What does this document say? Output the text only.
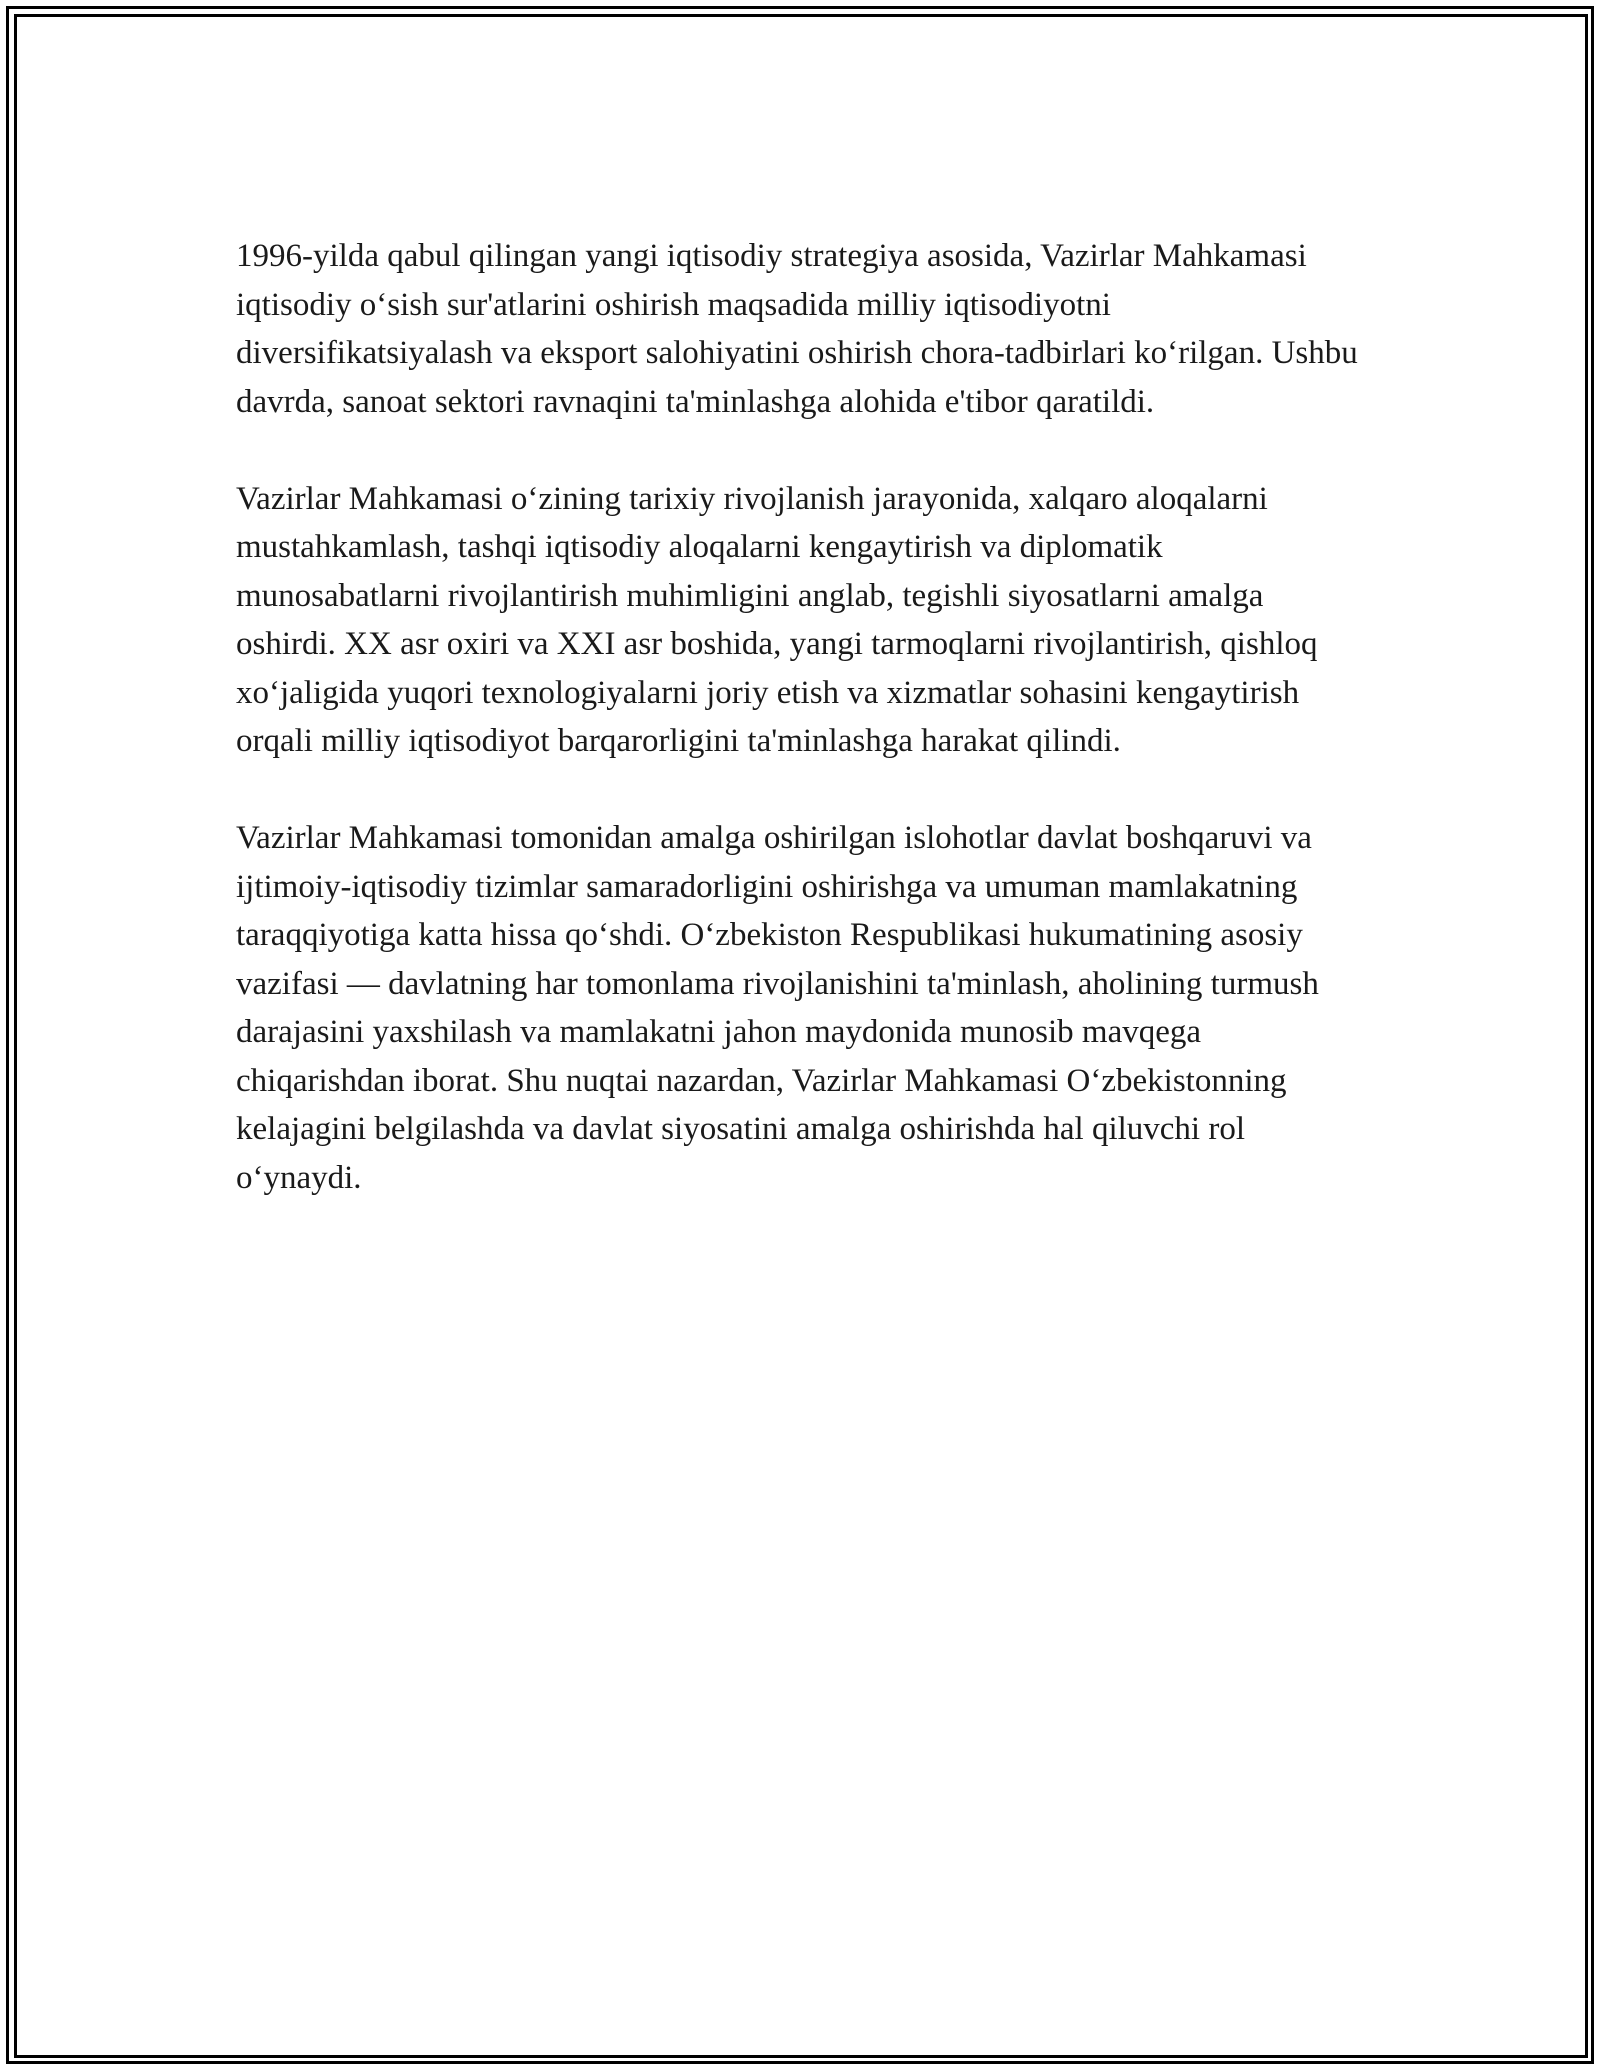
1996-yilda qabul qilingan yangi iqtisodiy strategiya asosida, Vazirlar Mahkamasi iqtisodiy o‘sish sur'atlarini oshirish maqsadida milliy iqtisodiyotni diversifikatsiyalash va eksport salohiyatini oshirish chora-tadbirlari ko‘rilgan. Ushbu davrda, sanoat sektori ravnaqini ta'minlashga alohida e'tibor qaratildi.

Vazirlar Mahkamasi o‘zining tarixiy rivojlanish jarayonida, xalqaro aloqalarni mustahkamlash, tashqi iqtisodiy aloqalarni kengaytirish va diplomatik munosabatlarni rivojlantirish muhimligini anglab, tegishli siyosatlarni amalga oshirdi. XX asr oxiri va XXI asr boshida, yangi tarmoqlarni rivojlantirish, qishloq xo‘jaligida yuqori texnologiyalarni joriy etish va xizmatlar sohasini kengaytirish orqali milliy iqtisodiyot barqarorligini ta'minlashga harakat qilindi.

Vazirlar Mahkamasi tomonidan amalga oshirilgan islohotlar davlat boshqaruvi va ijtimoiy-iqtisodiy tizimlar samaradorligini oshirishga va umuman mamlakatning taraqqiyotiga katta hissa qo‘shdi. O‘zbekiston Respublikasi hukumatining asosiy vazifasi — davlatning har tomonlama rivojlanishini ta'minlash, aholining turmush darajasini yaxshilash va mamlakatni jahon maydonida munosib mavqega chiqarishdan iborat. Shu nuqtai nazardan, Vazirlar Mahkamasi O‘zbekistonning kelajagini belgilashda va davlat siyosatini amalga oshirishda hal qiluvchi rol o‘ynaydi.
